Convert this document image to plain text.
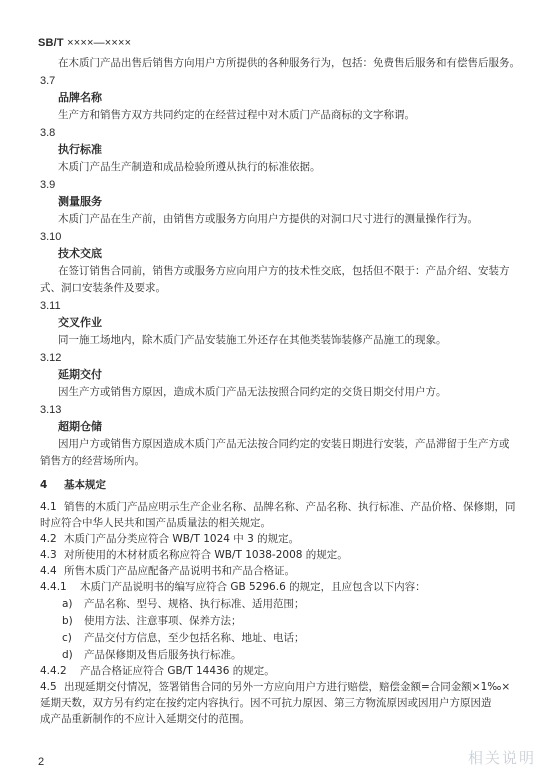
SB/T ××××—××××
在木质门产品出售后销售方向用户方所提供的各种服务行为，包括：免费售后服务和有偿售后服务。
3.7
品牌名称
生产方和销售方双方共同约定的在经营过程中对木质门产品商标的文字称谓。
3.8
执行标准
木质门产品生产制造和成品检验所遵从执行的标准依据。
3.9
测量服务
木质门产品在生产前，由销售方或服务方向用户方提供的对洞口尺寸进行的测量操作行为。
3.10
技术交底
在签订销售合同前，销售方或服务方应向用户方的技术性交底，包括但不限于：产品介绍、安装方
式、洞口安装条件及要求。
3.11
交叉作业
同一施工场地内，除木质门产品安装施工外还存在其他类装饰装修产品施工的现象。
3.12
延期交付
因生产方或销售方原因，造成木质门产品无法按照合同约定的交货日期交付用户方。
3.13
超期仓储
因用户方或销售方原因造成木质门产品无法按合同约定的安装日期进行安装，产品滞留于生产方或
销售方的经营场所内。
4 基本规定
4.1 销售的木质门产品应明示生产企业名称、品牌名称、产品名称、执行标准、产品价格、保修期，同
时应符合中华人民共和国产品质量法的相关规定。
4.2 木质门产品分类应符合 WB/T 1024 中 3 的规定。
4.3 对所使用的木材材质名称应符合 WB/T 1038-2008 的规定。
4.4 所售木质门产品应配备产品说明书和产品合格证。
4.4.1 木质门产品说明书的编写应符合 GB 5296.6 的规定，且应包含以下内容：
a) 产品名称、型号、规格、执行标准、适用范围；
b) 使用方法、注意事项、保养方法；
c) 产品交付方信息，至少包括名称、地址、电话；
d) 产品保修期及售后服务执行标准。
4.4.2 产品合格证应符合 GB/T 14436 的规定。
4.5 出现延期交付情况，签署销售合同的另外一方应向用户方进行赔偿，赔偿金额=合同金额×1‰×
延期天数，双方另有约定在按约定内容执行。因不可抗力原因、第三方物流原因或因用户方原因造
成产品重新制作的不应计入延期交付的范围。
2	相关说明
